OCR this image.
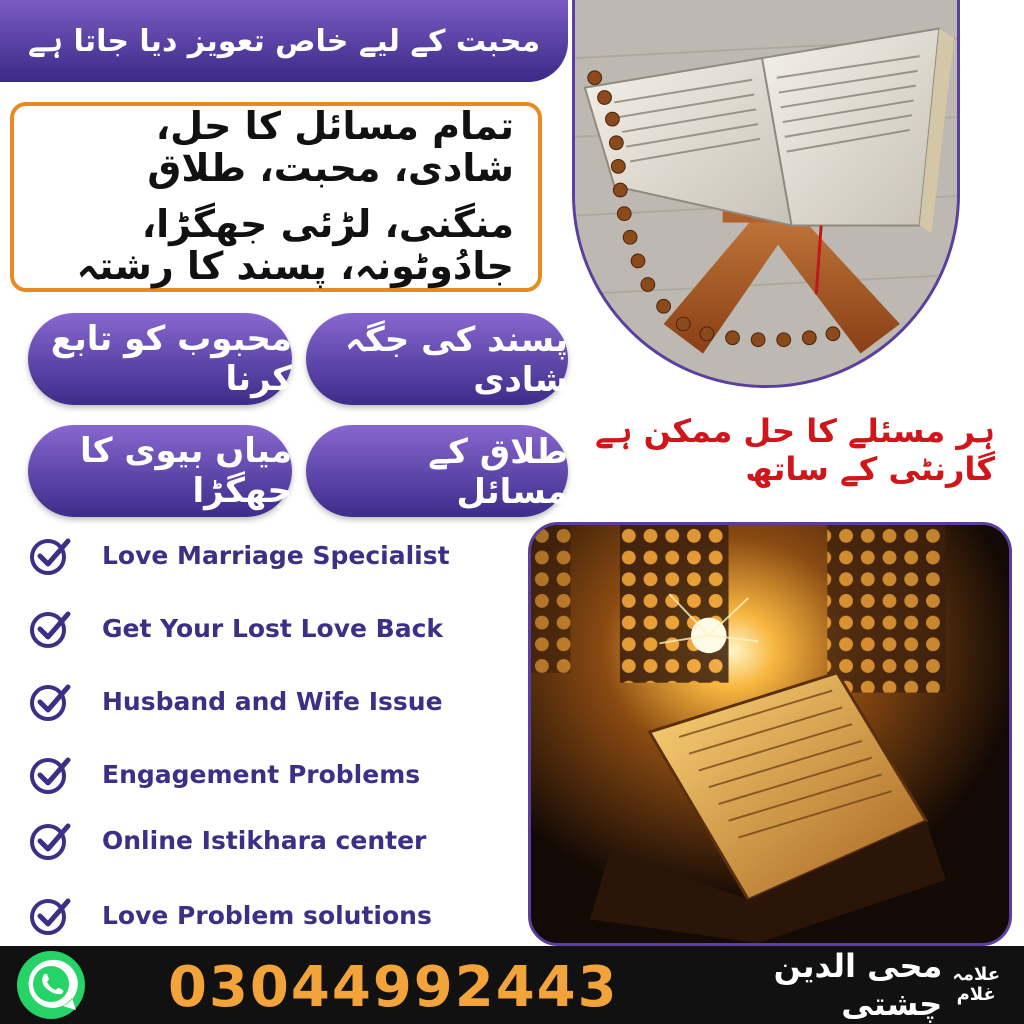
محبت کے لیے خاص تعویز دیا جاتا ہے
تمام مسائل کا حل، شادی، محبت، طلاق
منگنی، لڑئی جھگڑا، جادُوٹونہ، پسند کا رشتہ
محبوب کو تابع کرنا
پسند کی جگہ شادی
میاں بیوی کا جھگڑا
طلاق کے مسائل
ہر مسئلے کا حل ممکن ہے گارنٹی کے ساتھ
Love Marriage Specialist
Get Your Lost Love Back
Husband and Wife Issue
Engagement Problems
Online Istikhara center
Love Problem solutions
03044992443	علامہ
غلام
محی الدین چشتی
